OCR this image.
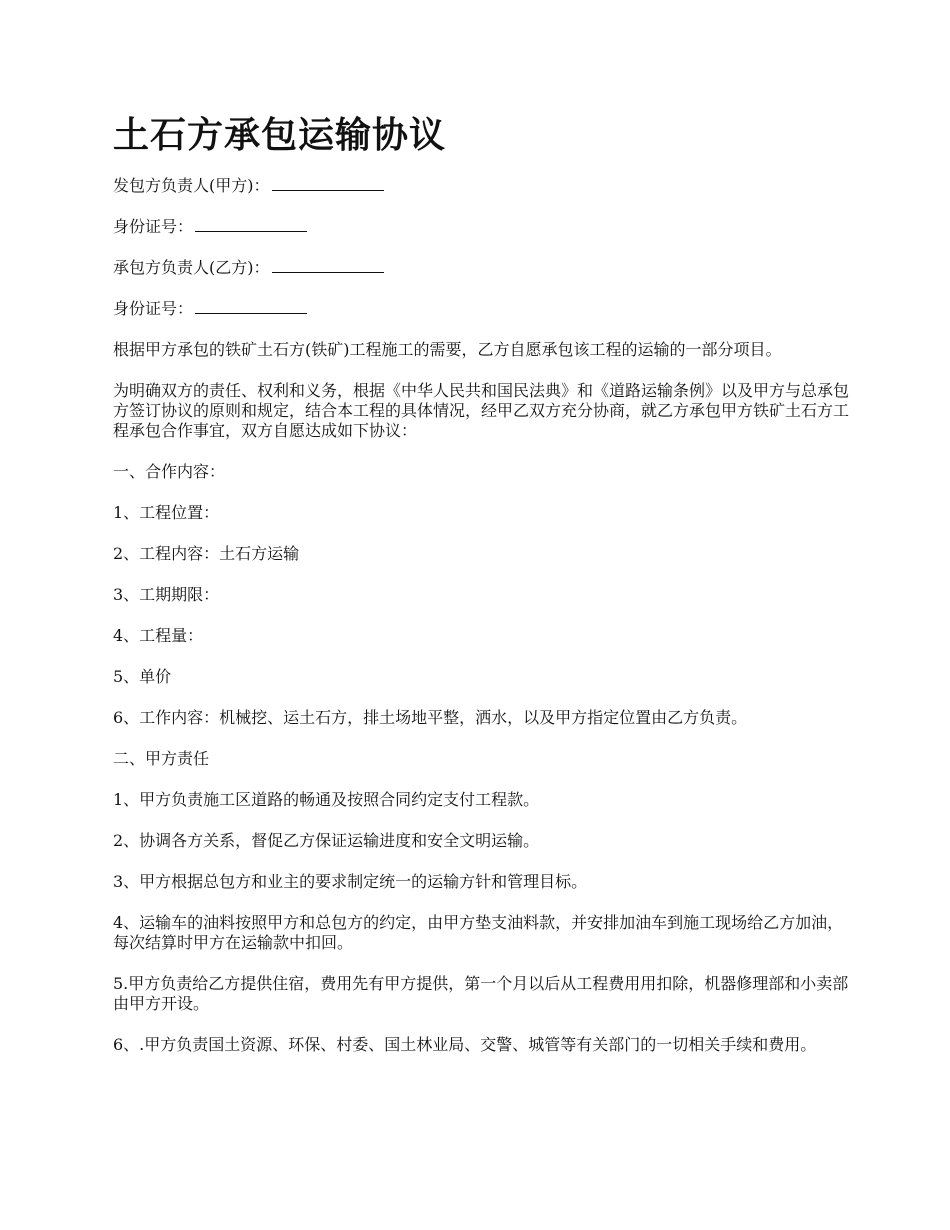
土石方承包运输协议

发包方负责人(甲方)：

身份证号：

承包方负责人(乙方)：

身份证号：

根据甲方承包的铁矿土石方(铁矿)工程施工的需要，乙方自愿承包该工程的运输的一部分项目。

为明确双方的责任、权利和义务，根据《中华人民共和国民法典》和《道路运输条例》以及甲方与总承包方签订协议的原则和规定，结合本工程的具体情况，经甲乙双方充分协商，就乙方承包甲方铁矿土石方工程承包合作事宜，双方自愿达成如下协议：

一、合作内容：

1、工程位置：

2、工程内容：土石方运输

3、工期期限：

4、工程量：

5、单价

6、工作内容：机械挖、运土石方，排土场地平整，洒水，以及甲方指定位置由乙方负责。

二、甲方责任

1、甲方负责施工区道路的畅通及按照合同约定支付工程款。

2、协调各方关系，督促乙方保证运输进度和安全文明运输。

3、甲方根据总包方和业主的要求制定统一的运输方针和管理目标。

4、运输车的油料按照甲方和总包方的约定，由甲方垫支油料款，并安排加油车到施工现场给乙方加油，每次结算时甲方在运输款中扣回。

5.甲方负责给乙方提供住宿，费用先有甲方提供，第一个月以后从工程费用用扣除，机器修理部和小卖部由甲方开设。

6、.甲方负责国土资源、环保、村委、国土林业局、交警、城管等有关部门的一切相关手续和费用。
